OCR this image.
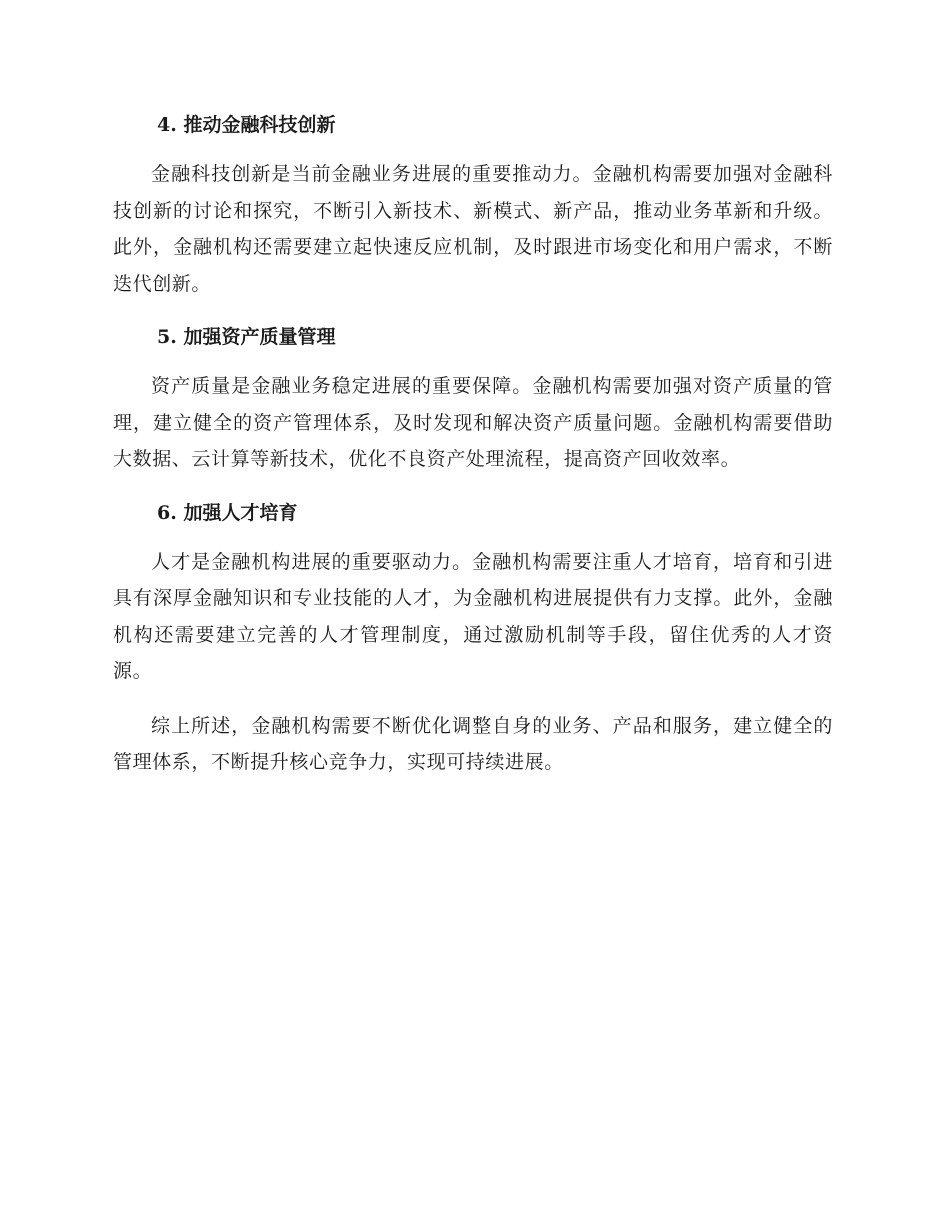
4. 推动金融科技创新

金融科技创新是当前金融业务进展的重要推动力。金融机构需要加强对金融科技创新的讨论和探究，不断引入新技术、新模式、新产品，推动业务革新和升级。此外，金融机构还需要建立起快速反应机制，及时跟进市场变化和用户需求，不断迭代创新。

5. 加强资产质量管理

资产质量是金融业务稳定进展的重要保障。金融机构需要加强对资产质量的管理，建立健全的资产管理体系，及时发现和解决资产质量问题。金融机构需要借助大数据、云计算等新技术，优化不良资产处理流程，提高资产回收效率。

6. 加强人才培育

人才是金融机构进展的重要驱动力。金融机构需要注重人才培育，培育和引进具有深厚金融知识和专业技能的人才，为金融机构进展提供有力支撑。此外，金融机构还需要建立完善的人才管理制度，通过激励机制等手段，留住优秀的人才资源。

综上所述，金融机构需要不断优化调整自身的业务、产品和服务，建立健全的管理体系，不断提升核心竞争力，实现可持续进展。
